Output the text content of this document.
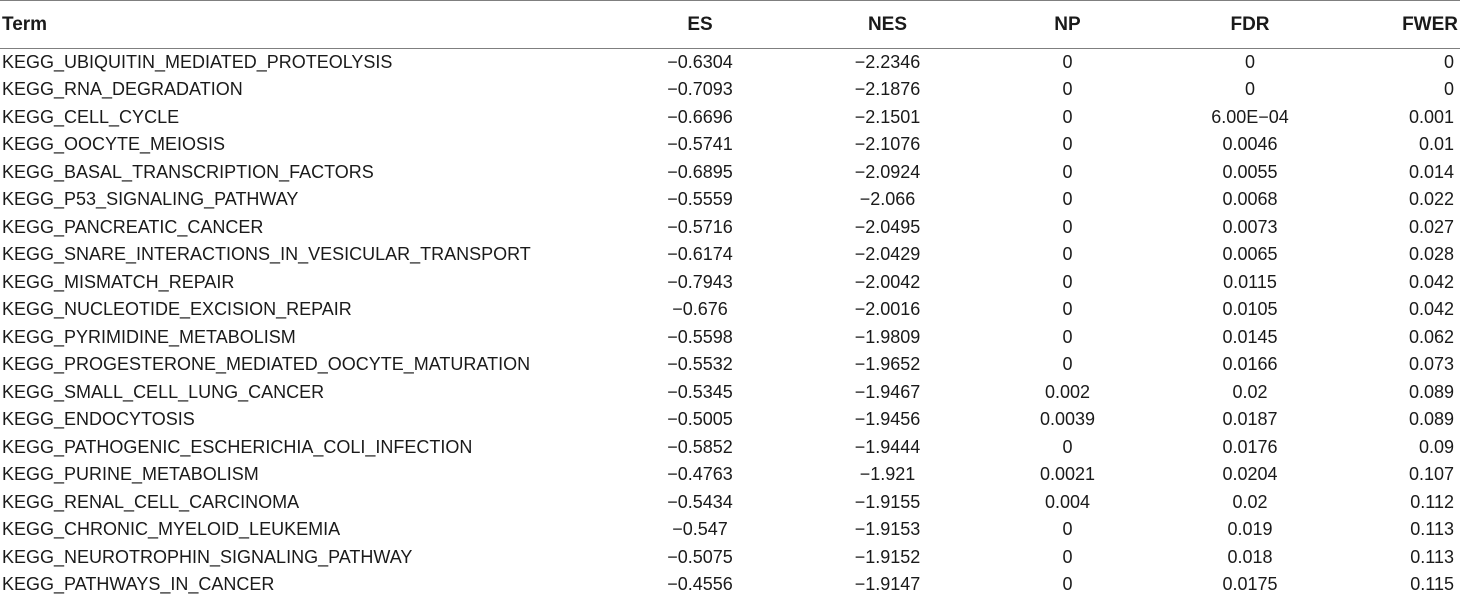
Term	ES	NES	NP	FDR	FWER
KEGG_UBIQUITIN_MEDIATED_PROTEOLYSIS	−0.6304	−2.2346	0	0	0
KEGG_RNA_DEGRADATION	−0.7093	−2.1876	0	0	0
KEGG_CELL_CYCLE	−0.6696	−2.1501	0	6.00E−04	0.001
KEGG_OOCYTE_MEIOSIS	−0.5741	−2.1076	0	0.0046	0.01
KEGG_BASAL_TRANSCRIPTION_FACTORS	−0.6895	−2.0924	0	0.0055	0.014
KEGG_P53_SIGNALING_PATHWAY	−0.5559	−2.066	0	0.0068	0.022
KEGG_PANCREATIC_CANCER	−0.5716	−2.0495	0	0.0073	0.027
KEGG_SNARE_INTERACTIONS_IN_VESICULAR_TRANSPORT	−0.6174	−2.0429	0	0.0065	0.028
KEGG_MISMATCH_REPAIR	−0.7943	−2.0042	0	0.0115	0.042
KEGG_NUCLEOTIDE_EXCISION_REPAIR	−0.676	−2.0016	0	0.0105	0.042
KEGG_PYRIMIDINE_METABOLISM	−0.5598	−1.9809	0	0.0145	0.062
KEGG_PROGESTERONE_MEDIATED_OOCYTE_MATURATION	−0.5532	−1.9652	0	0.0166	0.073
KEGG_SMALL_CELL_LUNG_CANCER	−0.5345	−1.9467	0.002	0.02	0.089
KEGG_ENDOCYTOSIS	−0.5005	−1.9456	0.0039	0.0187	0.089
KEGG_PATHOGENIC_ESCHERICHIA_COLI_INFECTION	−0.5852	−1.9444	0	0.0176	0.09
KEGG_PURINE_METABOLISM	−0.4763	−1.921	0.0021	0.0204	0.107
KEGG_RENAL_CELL_CARCINOMA	−0.5434	−1.9155	0.004	0.02	0.112
KEGG_CHRONIC_MYELOID_LEUKEMIA	−0.547	−1.9153	0	0.019	0.113
KEGG_NEUROTROPHIN_SIGNALING_PATHWAY	−0.5075	−1.9152	0	0.018	0.113
KEGG_PATHWAYS_IN_CANCER	−0.4556	−1.9147	0	0.0175	0.115
